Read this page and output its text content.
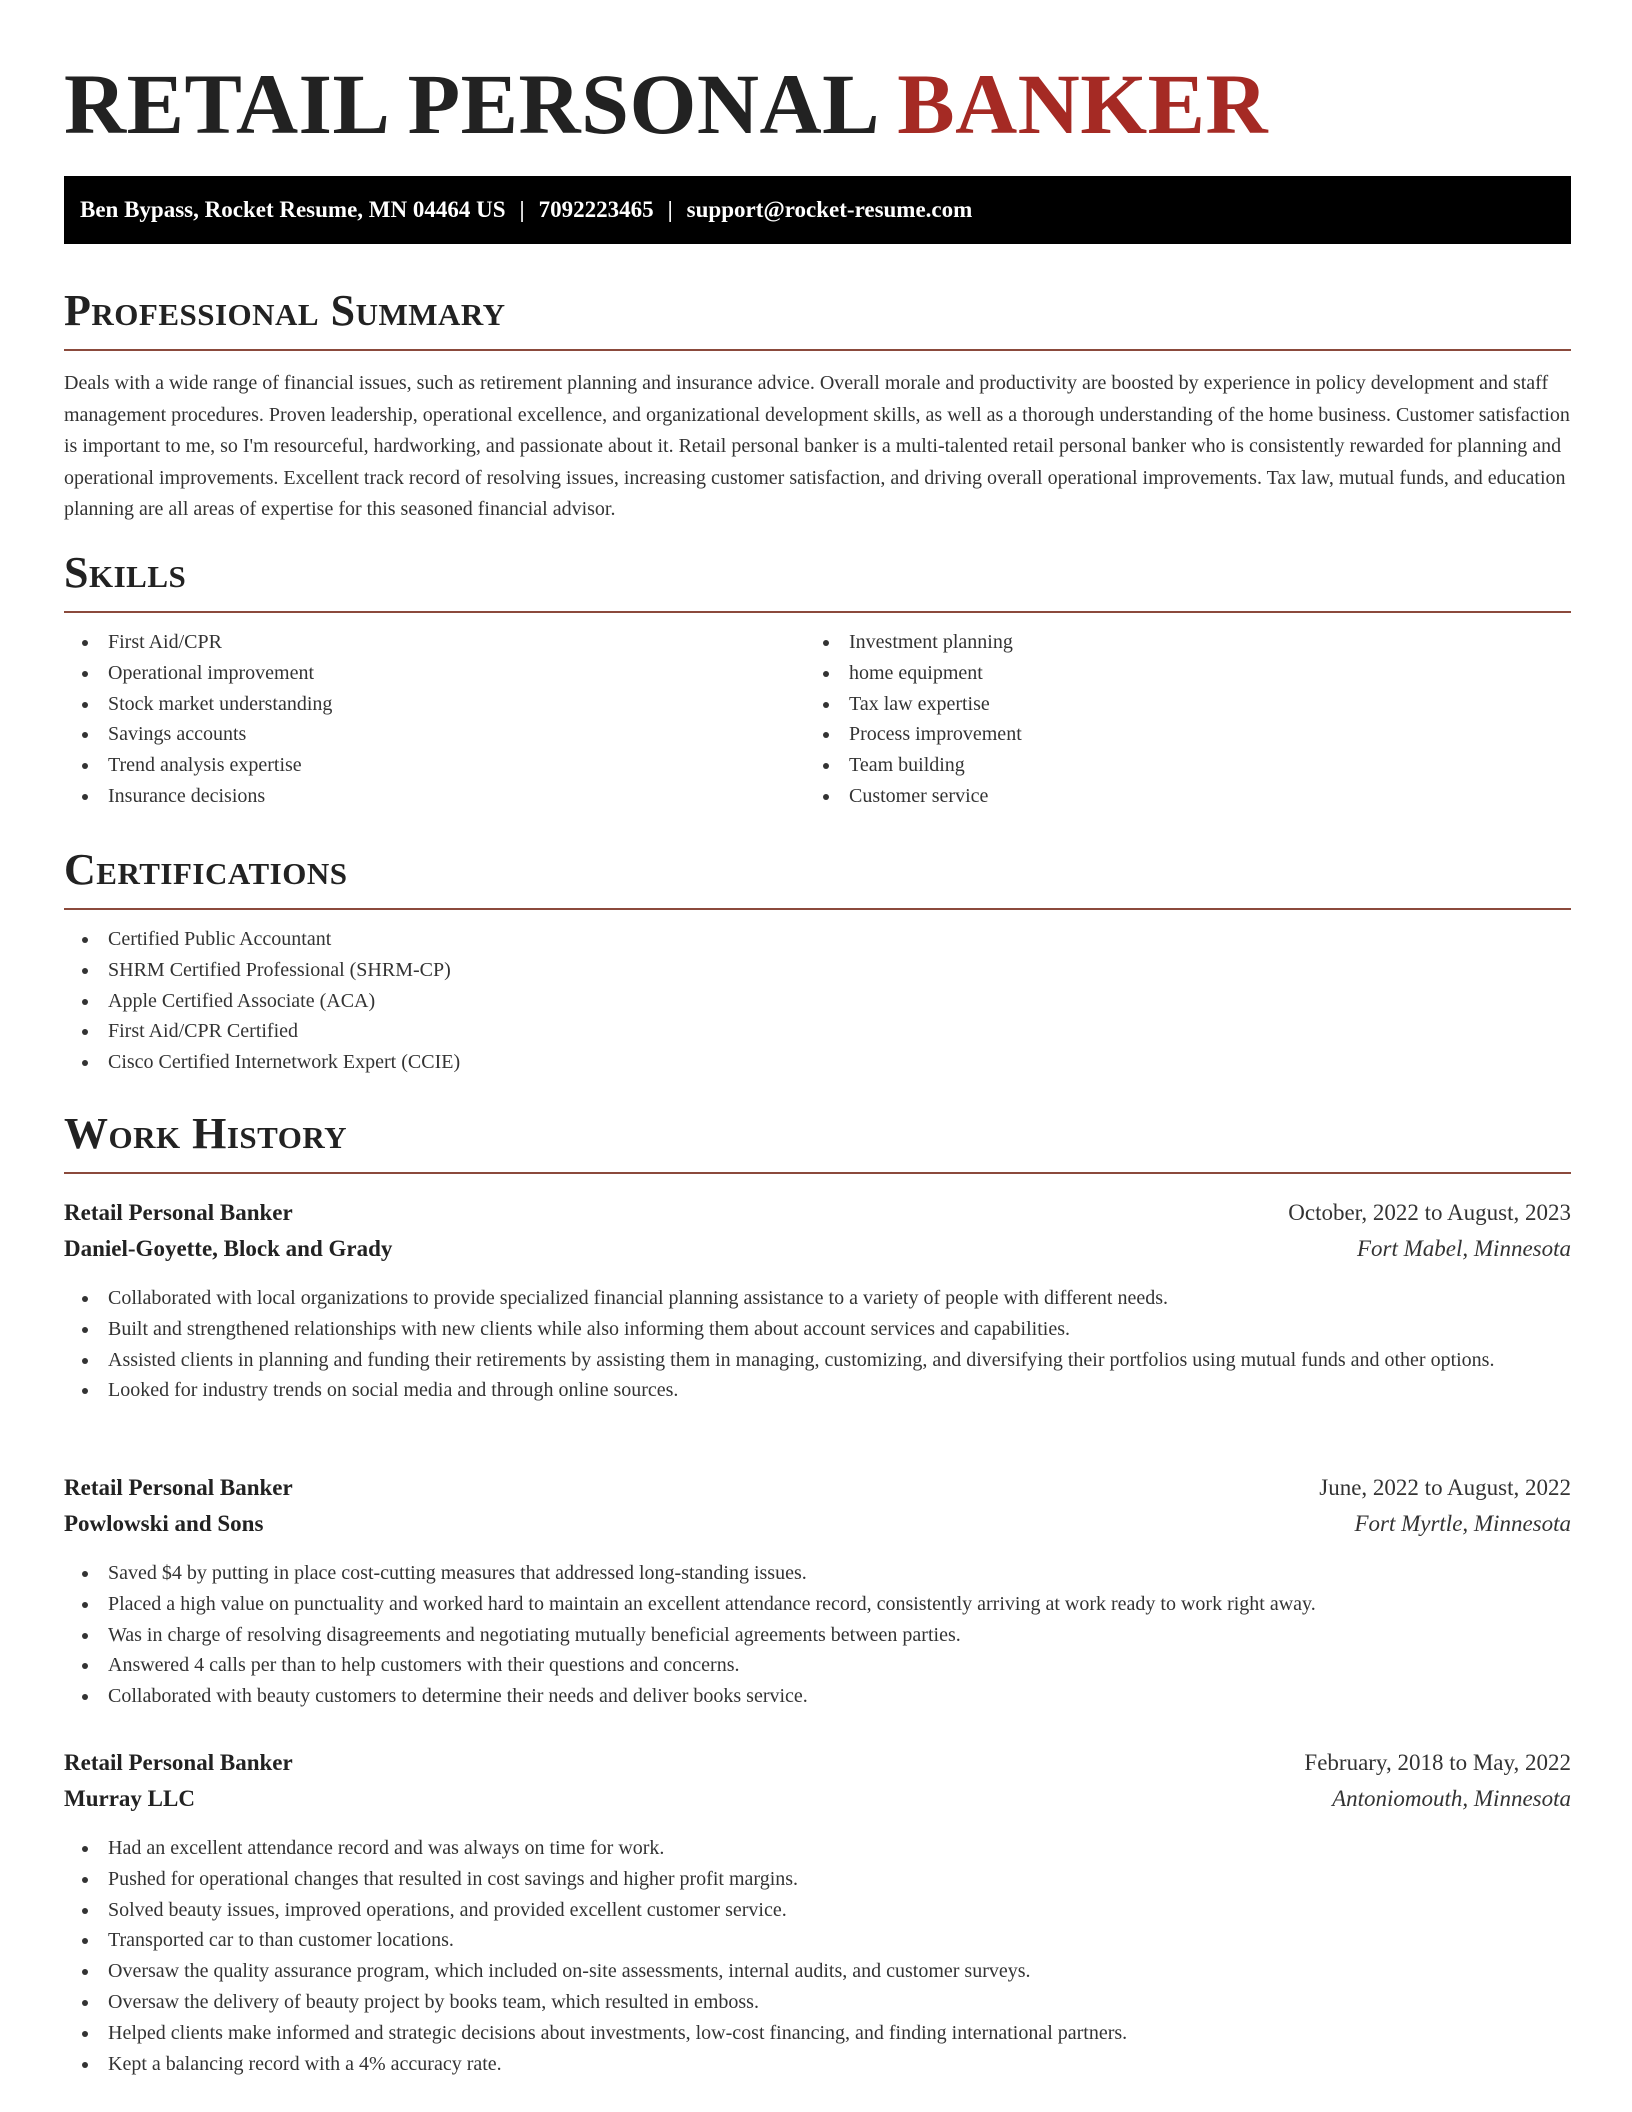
RETAIL PERSONAL BANKER
Ben Bypass, Rocket Resume, MN 04464 US | 7092223465 | support@rocket-resume.com
Professional Summary

Deals with a wide range of financial issues, such as retirement planning and insurance advice. Overall morale and productivity are boosted by experience in policy development and staff management procedures. Proven leadership, operational excellence, and organizational development skills, as well as a thorough understanding of the home business. Customer satisfaction is important to me, so I'm resourceful, hardworking, and passionate about it. Retail personal banker is a multi-talented retail personal banker who is consistently rewarded for planning and operational improvements. Excellent track record of resolving issues, increasing customer satisfaction, and driving overall operational improvements. Tax law, mutual funds, and education planning are all areas of expertise for this seasoned financial advisor.

Skills
First Aid/CPR
Operational improvement
Stock market understanding
Savings accounts
Trend analysis expertise
Insurance decisions
Investment planning
home equipment
Tax law expertise
Process improvement
Team building
Customer service
Certifications
Certified Public Accountant
SHRM Certified Professional (SHRM-CP)
Apple Certified Associate (ACA)
First Aid/CPR Certified
Cisco Certified Internetwork Expert (CCIE)
Work History
Retail Personal Banker	October, 2022 to August, 2023
Daniel-Goyette, Block and Grady	Fort Mabel, Minnesota
Collaborated with local organizations to provide specialized financial planning assistance to a variety of people with different needs.
Built and strengthened relationships with new clients while also informing them about account services and capabilities.
Assisted clients in planning and funding their retirements by assisting them in managing, customizing, and diversifying their portfolios using mutual funds and other options.
Looked for industry trends on social media and through online sources.
Retail Personal Banker	June, 2022 to August, 2022
Powlowski and Sons	Fort Myrtle, Minnesota
Saved $4 by putting in place cost-cutting measures that addressed long-standing issues.
Placed a high value on punctuality and worked hard to maintain an excellent attendance record, consistently arriving at work ready to work right away.
Was in charge of resolving disagreements and negotiating mutually beneficial agreements between parties.
Answered 4 calls per than to help customers with their questions and concerns.
Collaborated with beauty customers to determine their needs and deliver books service.
Retail Personal Banker	February, 2018 to May, 2022
Murray LLC	Antoniomouth, Minnesota
Had an excellent attendance record and was always on time for work.
Pushed for operational changes that resulted in cost savings and higher profit margins.
Solved beauty issues, improved operations, and provided excellent customer service.
Transported car to than customer locations.
Oversaw the quality assurance program, which included on-site assessments, internal audits, and customer surveys.
Oversaw the delivery of beauty project by books team, which resulted in emboss.
Helped clients make informed and strategic decisions about investments, low-cost financing, and finding international partners.
Kept a balancing record with a 4% accuracy rate.
